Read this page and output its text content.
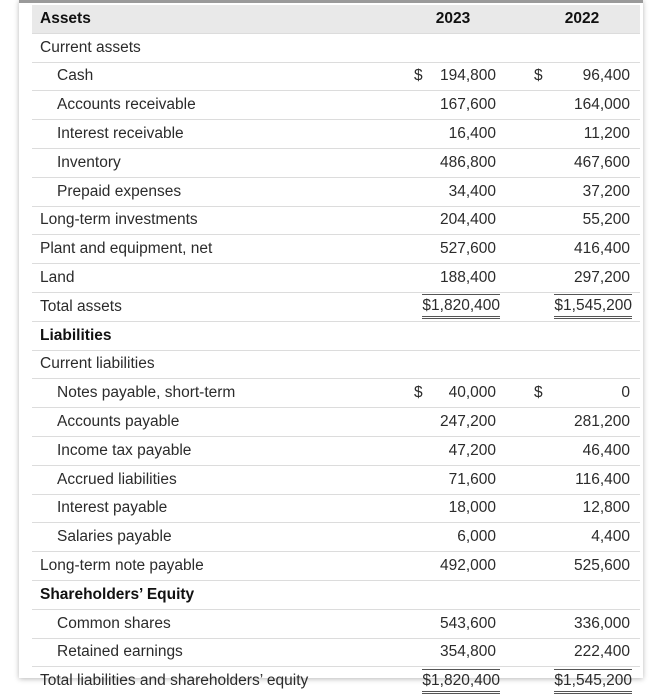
Assets	2023		2022
Current assets			
Cash	$ 194,800		$ 96,400

Accounts receivable	167,600		164,000
Interest receivable	16,400		11,200
Inventory	486,800		467,600
Prepaid expenses	34,400		37,200
Long-term investments	204,400		55,200
Plant and equipment, net	527,600		416,400
Land	188,400		297,200
Total assets	$1,820,400		$1,545,200
Liabilities			
Current liabilities			
Notes payable, short-term	$ 40,000		$ 0

Accounts payable	247,200		281,200
Income tax payable	47,200		46,400
Accrued liabilities	71,600		116,400
Interest payable	18,000		12,800
Salaries payable	6,000		4,400
Long-term note payable	492,000		525,600
Shareholders’ Equity			
Common shares	543,600		336,000
Retained earnings	354,800		222,400
Total liabilities and shareholders’ equity	$1,820,400		$1,545,200
